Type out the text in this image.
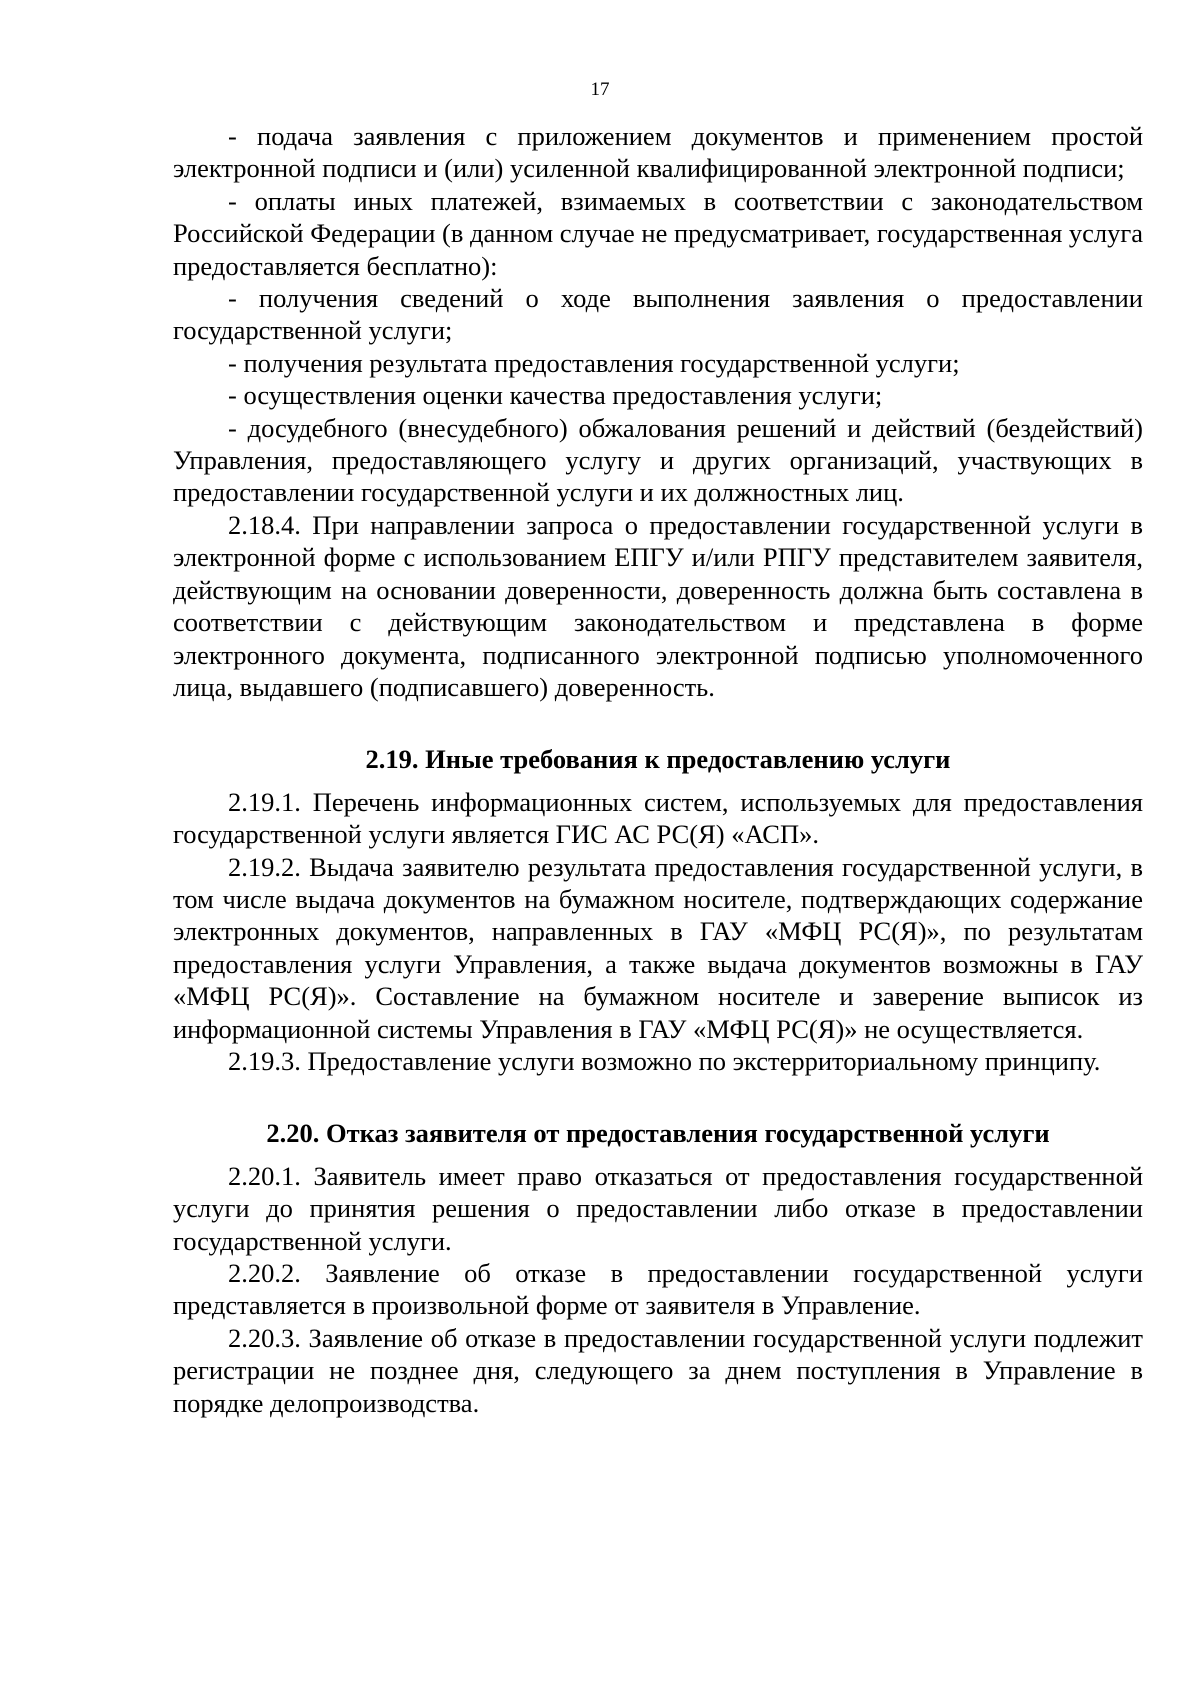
17

- подача заявления с приложением документов и применением простой электронной подписи и (или) усиленной квалифицированной электронной подписи;

- оплаты иных платежей, взимаемых в соответствии с законодательством Российской Федерации (в данном случае не предусматривает, государственная услуга предоставляется бесплатно):

- получения сведений о ходе выполнения заявления о предоставлении государственной услуги;

- получения результата предоставления государственной услуги;

- осуществления оценки качества предоставления услуги;

- досудебного (внесудебного) обжалования решений и действий (бездействий) Управления, предоставляющего услугу и других организаций, участвующих в предоставлении государственной услуги и их должностных лиц.

2.18.4. При направлении запроса о предоставлении государственной услуги в электронной форме с использованием ЕПГУ и/или РПГУ представителем заявителя, действующим на основании доверенности, доверенность должна быть составлена в соответствии с действующим законодательством и представлена в форме электронного документа, подписанного электронной подписью уполномоченного лица, выдавшего (подписавшего) доверенность.

2.19. Иные требования к предоставлению услуги

2.19.1. Перечень информационных систем, используемых для предоставления государственной услуги является ГИС АС РС(Я) «АСП».

2.19.2. Выдача заявителю результата предоставления государственной услуги, в том числе выдача документов на бумажном носителе, подтверждающих содержание электронных документов, направленных в ГАУ «МФЦ РС(Я)», по результатам предоставления услуги Управления, а также выдача документов возможны в ГАУ «МФЦ РС(Я)». Составление на бумажном носителе и заверение выписок из информационной системы Управления в ГАУ «МФЦ РС(Я)» не осуществляется.

2.19.3. Предоставление услуги возможно по экстерриториальному принципу.

2.20. Отказ заявителя от предоставления государственной услуги

2.20.1. Заявитель имеет право отказаться от предоставления государственной услуги до принятия решения о предоставлении либо отказе в предоставлении государственной услуги.

2.20.2. Заявление об отказе в предоставлении государственной услуги представляется в произвольной форме от заявителя в Управление.

2.20.3. Заявление об отказе в предоставлении государственной услуги подлежит регистрации не позднее дня, следующего за днем поступления в Управление в порядке делопроизводства.
